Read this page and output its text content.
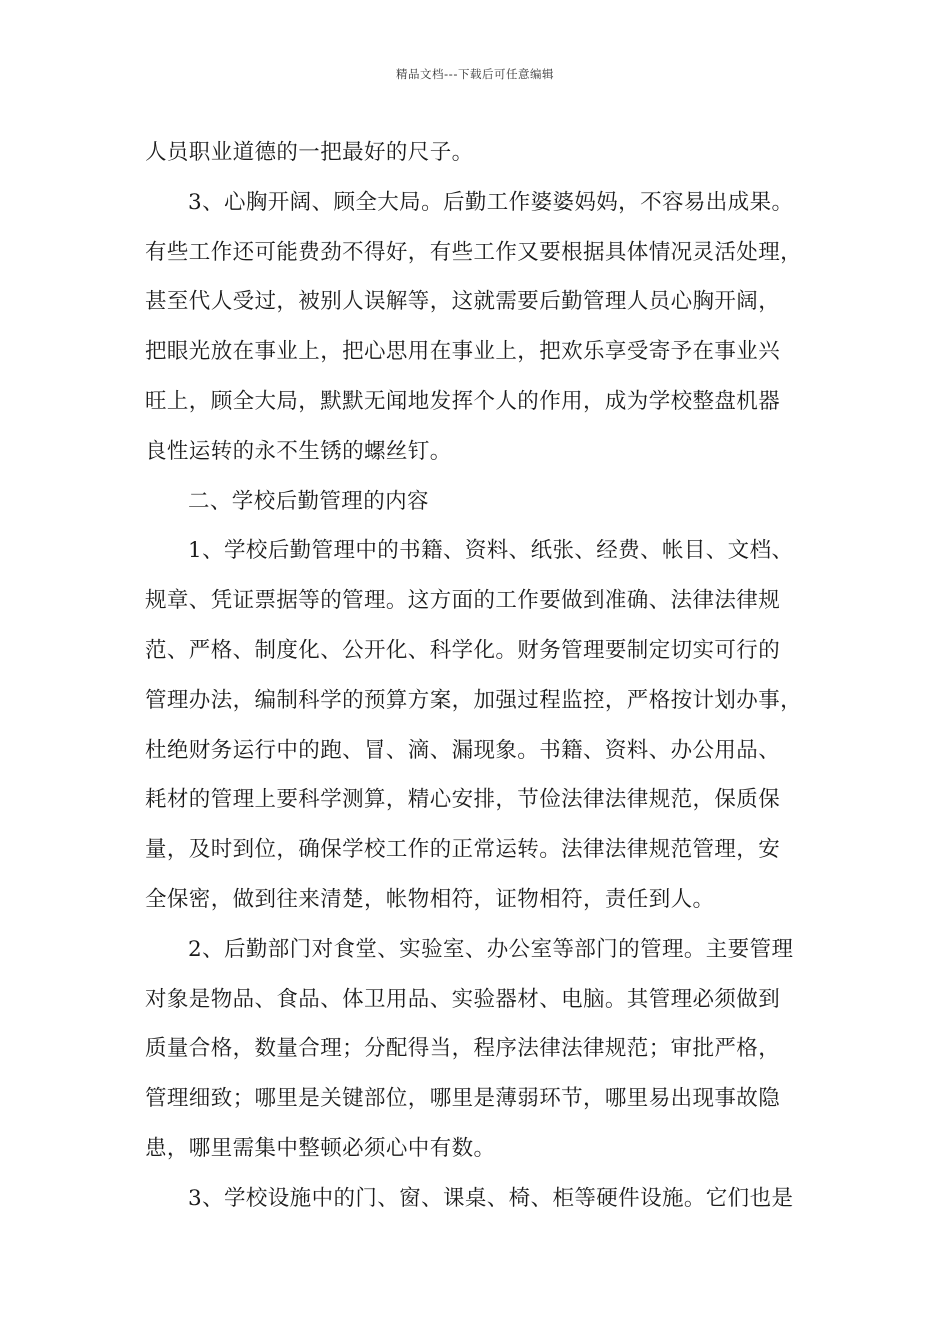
精品文档---下载后可任意编辑
人员职业道德的一把最好的尺子。
3、心胸开阔、顾全大局。后勤工作婆婆妈妈，不容易出成果。
有些工作还可能费劲不得好，有些工作又要根据具体情况灵活处理，
甚至代人受过，被别人误解等，这就需要后勤管理人员心胸开阔，
把眼光放在事业上，把心思用在事业上，把欢乐享受寄予在事业兴
旺上，顾全大局，默默无闻地发挥个人的作用，成为学校整盘机器
良性运转的永不生锈的螺丝钉。
二、学校后勤管理的内容
1、学校后勤管理中的书籍、资料、纸张、经费、帐目、文档、
规章、凭证票据等的管理。这方面的工作要做到准确、法律法律规
范、严格、制度化、公开化、科学化。财务管理要制定切实可行的
管理办法，编制科学的预算方案，加强过程监控，严格按计划办事，
杜绝财务运行中的跑、冒、滴、漏现象。书籍、资料、办公用品、
耗材的管理上要科学测算，精心安排，节俭法律法律规范，保质保
量，及时到位，确保学校工作的正常运转。法律法律规范管理，安
全保密，做到往来清楚，帐物相符，证物相符，责任到人。
2、后勤部门对食堂、实验室、办公室等部门的管理。主要管理
对象是物品、食品、体卫用品、实验器材、电脑。其管理必须做到
质量合格，数量合理；分配得当，程序法律法律规范；审批严格，
管理细致；哪里是关键部位，哪里是薄弱环节，哪里易出现事故隐
患，哪里需集中整顿必须心中有数。
3、学校设施中的门、窗、课桌、椅、柜等硬件设施。它们也是
